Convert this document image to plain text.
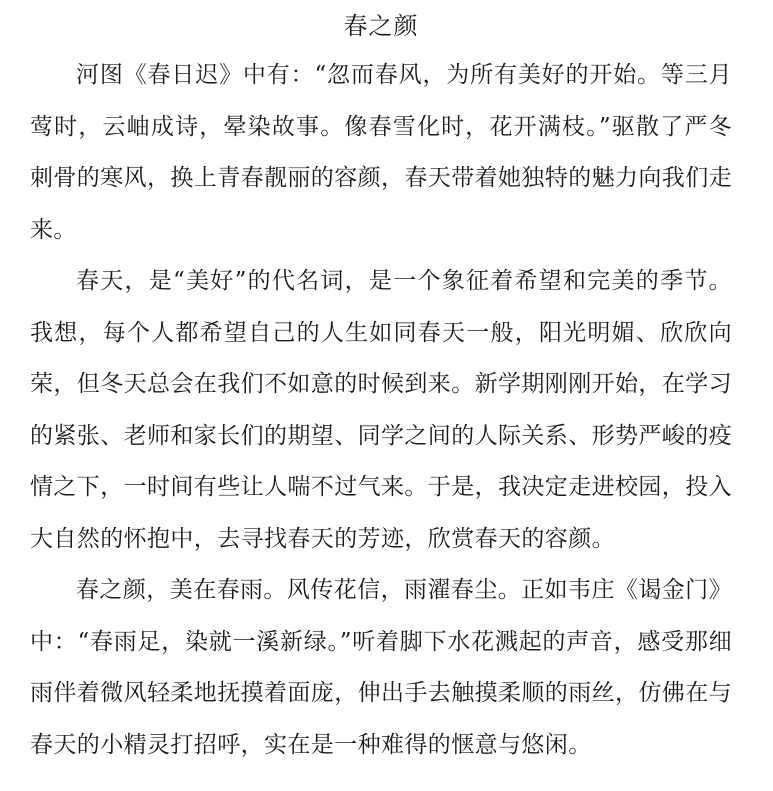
春之颜

河图《春日迟》中有：“忽而春风，为所有美好的开始。等三月莺时，云岫成诗，晕染故事。像春雪化时，花开满枝。”驱散了严冬刺骨的寒风，换上青春靓丽的容颜，春天带着她独特的魅力向我们走来。

春天，是“美好”的代名词，是一个象征着希望和完美的季节。我想，每个人都希望自己的人生如同春天一般，阳光明媚、欣欣向荣，但冬天总会在我们不如意的时候到来。新学期刚刚开始，在学习的紧张、老师和家长们的期望、同学之间的人际关系、形势严峻的疫情之下，一时间有些让人喘不过气来。于是，我决定走进校园，投入大自然的怀抱中，去寻找春天的芳迹，欣赏春天的容颜。

春之颜，美在春雨。风传花信，雨濯春尘。正如韦庄《谒金门》中：“春雨足，染就一溪新绿。”听着脚下水花溅起的声音，感受那细雨伴着微风轻柔地抚摸着面庞，伸出手去触摸柔顺的雨丝，仿佛在与春天的小精灵打招呼，实在是一种难得的惬意与悠闲。
